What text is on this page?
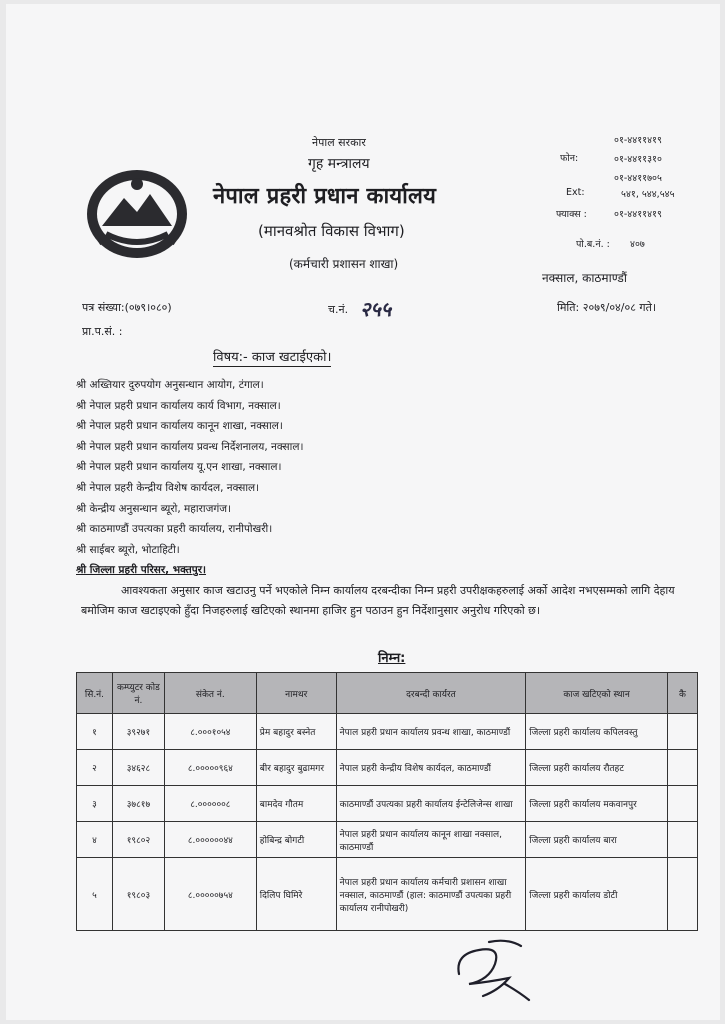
नेपाल सरकार
गृह मन्त्रालय
नेपाल प्रहरी प्रधान कार्यालय
(मानवश्रोत विकास विभाग)
(कर्मचारी प्रशासन शाखा)
फोन:
०१-४४११४१९
०१-४४११३१०
०१-४४११७०५
Ext:	५४१, ५४४,५४५
फ्याक्स :	०१-४४११४१९
पो.ब.नं. : ४०७
नक्साल, काठमाण्डौं
पत्र संख्या:(०७९।०८०)	च.नं. २५५	मिति: २०७९/०४/०८ गते।
प्रा.प.सं. :
विषय:- काज खटाईएको।
श्री अख्तियार दुरुपयोग अनुसन्धान आयोग, टंगाल।
श्री नेपाल प्रहरी प्रधान कार्यालय कार्य विभाग, नक्साल।
श्री नेपाल प्रहरी प्रधान कार्यालय कानून शाखा, नक्साल।
श्री नेपाल प्रहरी प्रधान कार्यालय प्रवन्ध निर्देशनालय, नक्साल।
श्री नेपाल प्रहरी प्रधान कार्यालय यू.एन शाखा, नक्साल।
श्री नेपाल प्रहरी केन्द्रीय विशेष कार्यदल, नक्साल।
श्री केन्द्रीय अनुसन्धान ब्यूरो, महाराजगंज।
श्री काठमाण्डौं उपत्यका प्रहरी कार्यालय, रानीपोखरी।
श्री साईबर ब्यूरो, भोटाहिटी।
श्री जिल्ला प्रहरी परिसर, भक्तपुर।
आवश्यकता अनुसार काज खटाउनु पर्ने भएकोले निम्न कार्यालय दरबन्दीका निम्न प्रहरी उपरीक्षकहरुलाई अर्को आदेश नभएसम्मको लागि देहाय बमोजिम काज खटाइएको हुँदा निजहरुलाई खटिएको स्थानमा हाजिर हुन पठाउन हुन निर्देशानुसार अनुरोध गरिएको छ।
निम्न:
सि.नं.	कम्प्युटर कोड नं.	संकेत नं.	नामथर	दरबन्दी कार्यरत	काज खटिएको स्थान	कै
१	३९२७१	८.०००१०५४	प्रेम बहादुर बस्नेत	नेपाल प्रहरी प्रधान कार्यालय प्रवन्ध शाखा, काठमाण्डौं	जिल्ला प्रहरी कार्यालय कपिलवस्तु	
२	३४६२८	८.०००००९६४	बीर बहादुर बुढामगर	नेपाल प्रहरी केन्द्रीय विशेष कार्यदल, काठमाण्डौं	जिल्ला प्रहरी कार्यालय रौतहट	
३	३७८१७	८.००००००८	बामदेव गौतम	काठमाण्डौं उपत्यका प्रहरी कार्यालय ईन्टेलिजेन्स शाखा	जिल्ला प्रहरी कार्यालय मकवानपुर	
४	१९८०२	८.००००००४४	होबिन्द्र बोगटी	नेपाल प्रहरी प्रधान कार्यालय कानून शाखा नक्साल, काठमाण्डौं	जिल्ला प्रहरी कार्यालय बारा	
५	१९८०३	८.०००००७५४	दिलिप घिमिरे	नेपाल प्रहरी प्रधान कार्यालय कर्मचारी प्रशासन शाखा नक्साल, काठमाण्डौं (हाल: काठमाण्डौं उपत्यका प्रहरी कार्यालय रानीपोखरी)	जिल्ला प्रहरी कार्यालय डोटी	
